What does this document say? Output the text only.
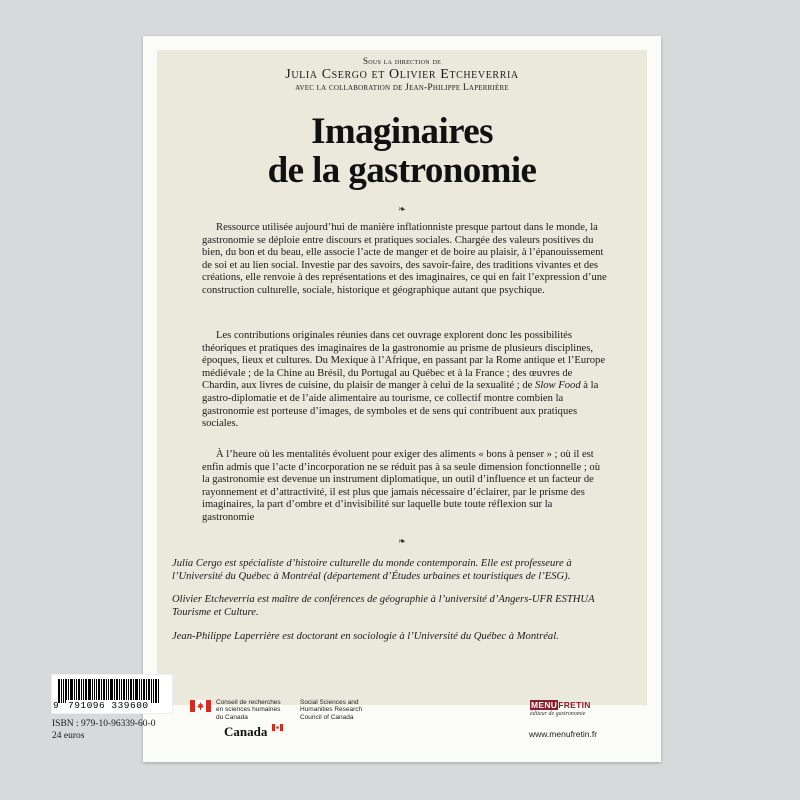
Sous la direction de
Julia Csergo et Olivier Etcheverria
avec la collaboration de Jean-Philippe Laperrière
Imaginaires
de la gastronomie
❧

Ressource utilisée aujourd’hui de manière inflationniste presque partout dans le monde, la gastronomie se déploie entre discours et pratiques sociales. Chargée des valeurs positives du bien, du bon et du beau, elle associe l’acte de manger et de boire au plaisir, à l’épanouissement de soi et au lien social. Investie par des savoirs, des savoir-faire, des traditions vivantes et des créations, elle renvoie à des représentations et des imaginaires, ce qui en fait l’expression d’une construction culturelle, sociale, historique et géographique autant que psychique.

Les contributions originales réunies dans cet ouvrage explorent donc les possibilités théoriques et pratiques des imaginaires de la gastronomie au prisme de plusieurs disciplines, époques, lieux et cultures. Du Mexique à l’Afrique, en passant par la Rome antique et l’Europe médiévale ; de la Chine au Brésil, du Portugal au Québec et à la France ; des œuvres de Chardin, aux livres de cuisine, du plaisir de manger à celui de la sexualité ; de Slow Food à la gastro-diplomatie et de l’aide alimentaire au tourisme, ce collectif montre combien la gastronomie est porteuse d’images, de symboles et de sens qui contribuent aux pratiques sociales.

À l’heure où les mentalités évoluent pour exiger des aliments « bons à penser » ; où il est enfin admis que l’acte d’incorporation ne se réduit pas à sa seule dimension fonctionnelle ; où la gastronomie est devenue un instrument diplomatique, un outil d’influence et un facteur de rayonnement et d’attractivité, il est plus que jamais nécessaire d’éclairer, par le prisme des imaginaires, la part d’ombre et d’invisibilité sur laquelle bute toute réflexion sur la gastronomie

❧

Julia Cergo est spécialiste d’histoire culturelle du monde contemporain. Elle est professeure à l’Université du Québec à Montréal (département d’Études urbaines et touristiques de l’ESG).

Olivier Etcheverria est maître de conférences de géographie à l’université d’Angers-UFR ESTHUA Tourisme et Culture.

Jean-Philippe Laperrière est doctorant en sociologie à l’Université du Québec à Montréal.

9 791096 339600
ISBN : 979-10-96339-60-0
24 euros
Conseil de recherches
en sciences humaines
du Canada
Social Sciences and
Humanities Research
Council of Canada
Canada
MENUFRETIN
éditeur de gastronomie
www.menufretin.fr
